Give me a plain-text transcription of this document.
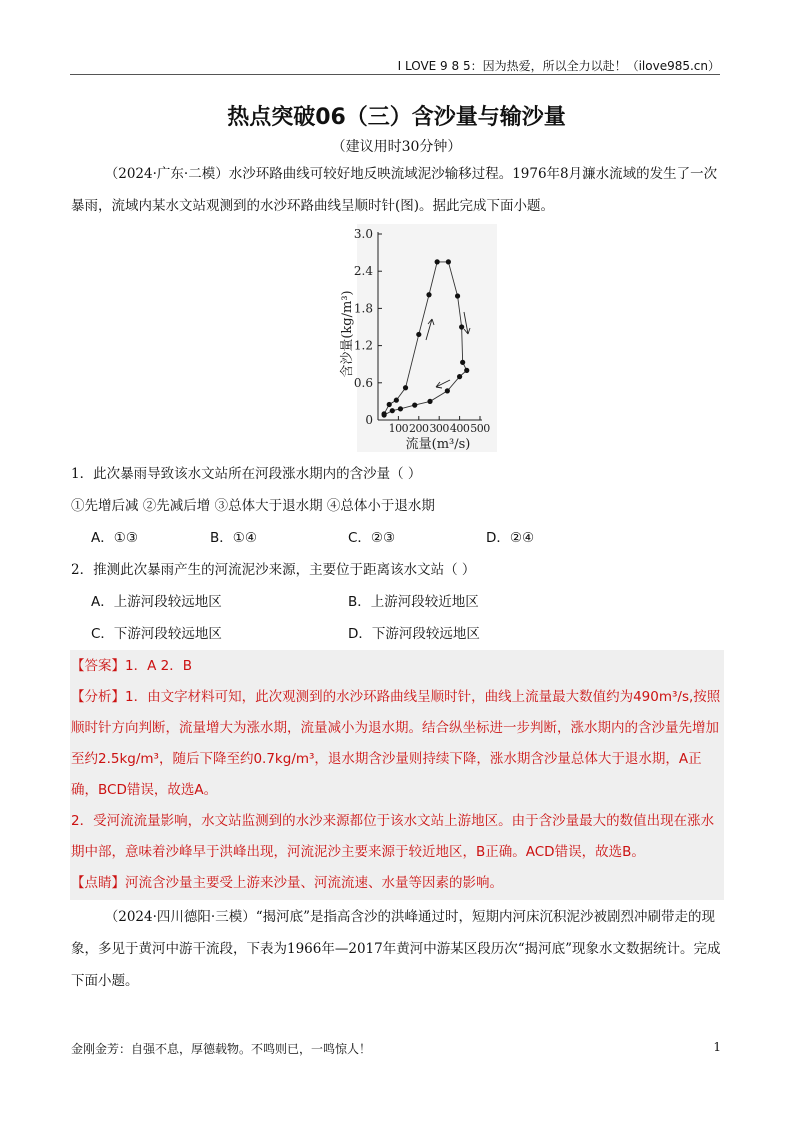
I LOVE 9 8 5：因为热爱，所以全力以赴！（ilove985.cn）
热点突破06（三）含沙量与输沙量
（建议用时30分钟）
（2024·广东·二模）水沙环路曲线可较好地反映流域泥沙输移过程。1976年8月濂水流域的发生了一次暴雨，流域内某水文站观测到的水沙环路曲线呈顺时针(图)。据此完成下面小题。
0
0.6
1.2
1.8
2.4
3.0
100 200 300 400 500
含沙量(kg/m³)
流量(m³/s)
1．此次暴雨导致该水文站所在河段涨水期内的含沙量（ ）
①先增后减 ②先减后增 ③总体大于退水期 ④总体小于退水期
A．①③	B．①④	C．②③	D．②④
2．推测此次暴雨产生的河流泥沙来源，主要位于距离该水文站（ ）
A．上游河段较远地区	B．上游河段较近地区
C．下游河段较远地区	D．下游河段较远地区
【答案】1．A 2．B
【分析】1．由文字材料可知，此次观测到的水沙环路曲线呈顺时针，曲线上流量最大数值约为490m³/s,按照顺时针方向判断，流量增大为涨水期，流量减小为退水期。结合纵坐标进一步判断，涨水期内的含沙量先增加至约2.5kg/m³，随后下降至约0.7kg/m³，退水期含沙量则持续下降，涨水期含沙量总体大于退水期，A正确，BCD错误，故选A。
2．受河流流量影响，水文站监测到的水沙来源都位于该水文站上游地区。由于含沙量最大的数值出现在涨水期中部，意味着沙峰早于洪峰出现，河流泥沙主要来源于较近地区，B正确。ACD错误，故选B。
【点睛】河流含沙量主要受上游来沙量、河流流速、水量等因素的影响。
（2024·四川德阳·三模）“揭河底”是指高含沙的洪峰通过时，短期内河床沉积泥沙被剧烈冲刷带走的现象，多见于黄河中游干流段，下表为1966年—2017年黄河中游某区段历次“揭河底”现象水文数据统计。完成下面小题。
金刚金芳：自强不息，厚德载物。不鸣则已，一鸣惊人！	1
